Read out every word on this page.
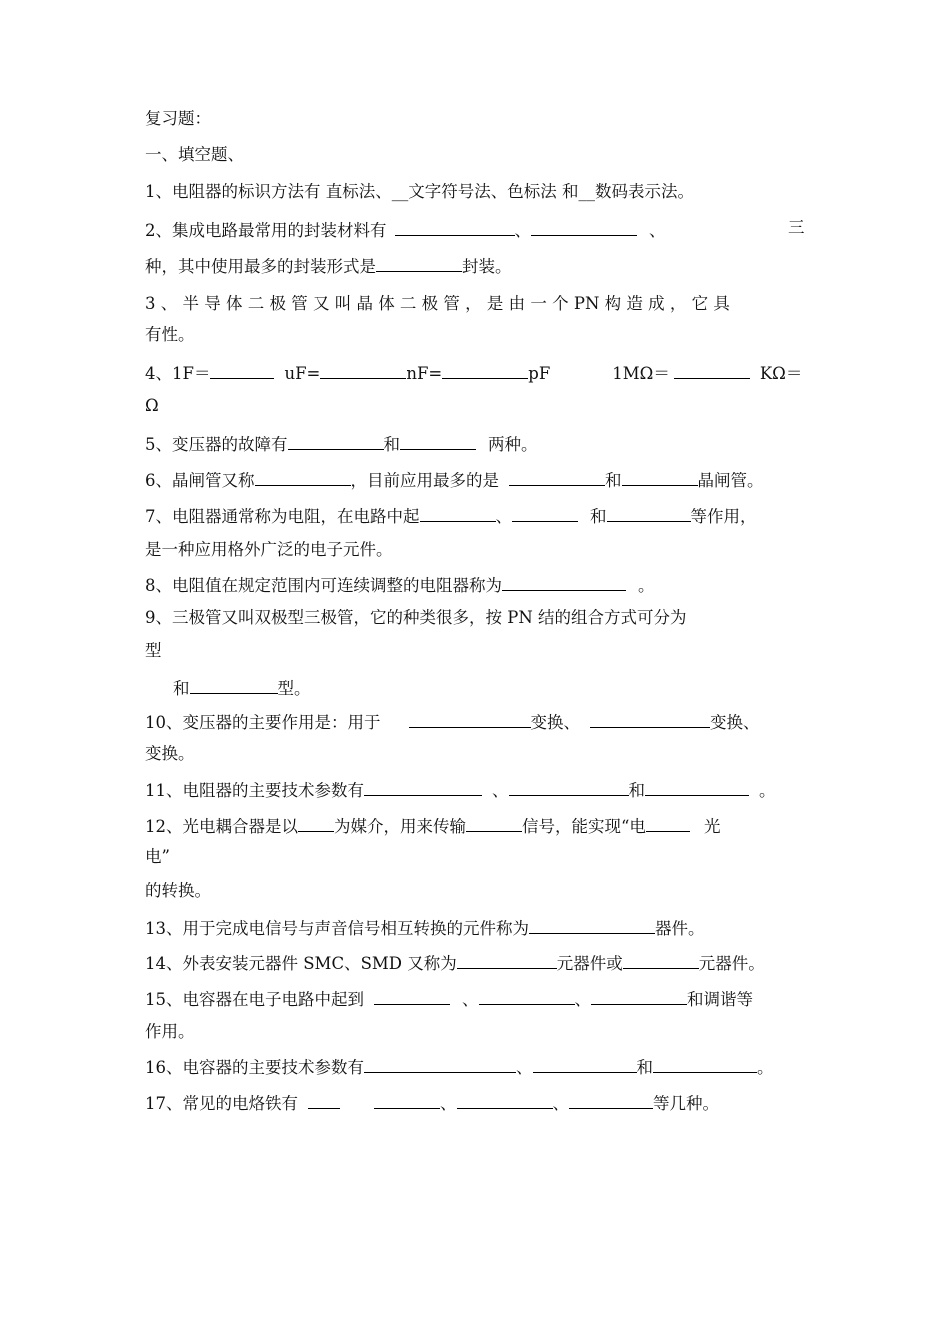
复习题：
一、填空题、
1、电阻器的标识方法有 直标法、__文字符号法、色标法 和__数码表示法。
2、集成电路最常用的封装材料有	、	、	三
种，其中使用最多的封装形式是	封装。
3 、 半 导 体 二 极 管 又 叫 晶 体 二 极 管 ， 是 由 一 个 PN 构 造 成 ， 它 具
有性。
4、1F＝	uF=	nF=	pF	1MΩ＝	KΩ＝
Ω
5、变压器的故障有	和	两种。
6、晶闸管又称	，目前应用最多的是	和	晶闸管。
7、电阻器通常称为电阻，在电路中起	、	和	等作用，
是一种应用格外广泛的电子元件。
8、电阻值在规定范围内可连续调整的电阻器称为	。
9、三极管又叫双极型三极管，它的种类很多，按 PN 结的组合方式可分为
型
和	型。
10、变压器的主要作用是：用于	变换、	变换、
变换。
11、电阻器的主要技术参数有	、	和	。
12、光电耦合器是以 为媒介，用来传输	信号，能实现“电	光
电”
的转换。
13、用于完成电信号与声音信号相互转换的元件称为	器件。
14、外表安装元器件 SMC、SMD 又称为	元器件或	元器件。
15、电容器在电子电路中起到	、	、	和调谐等
作用。
16、电容器的主要技术参数有	、	和	。
17、常见的电烙铁有	、	、	等几种。
